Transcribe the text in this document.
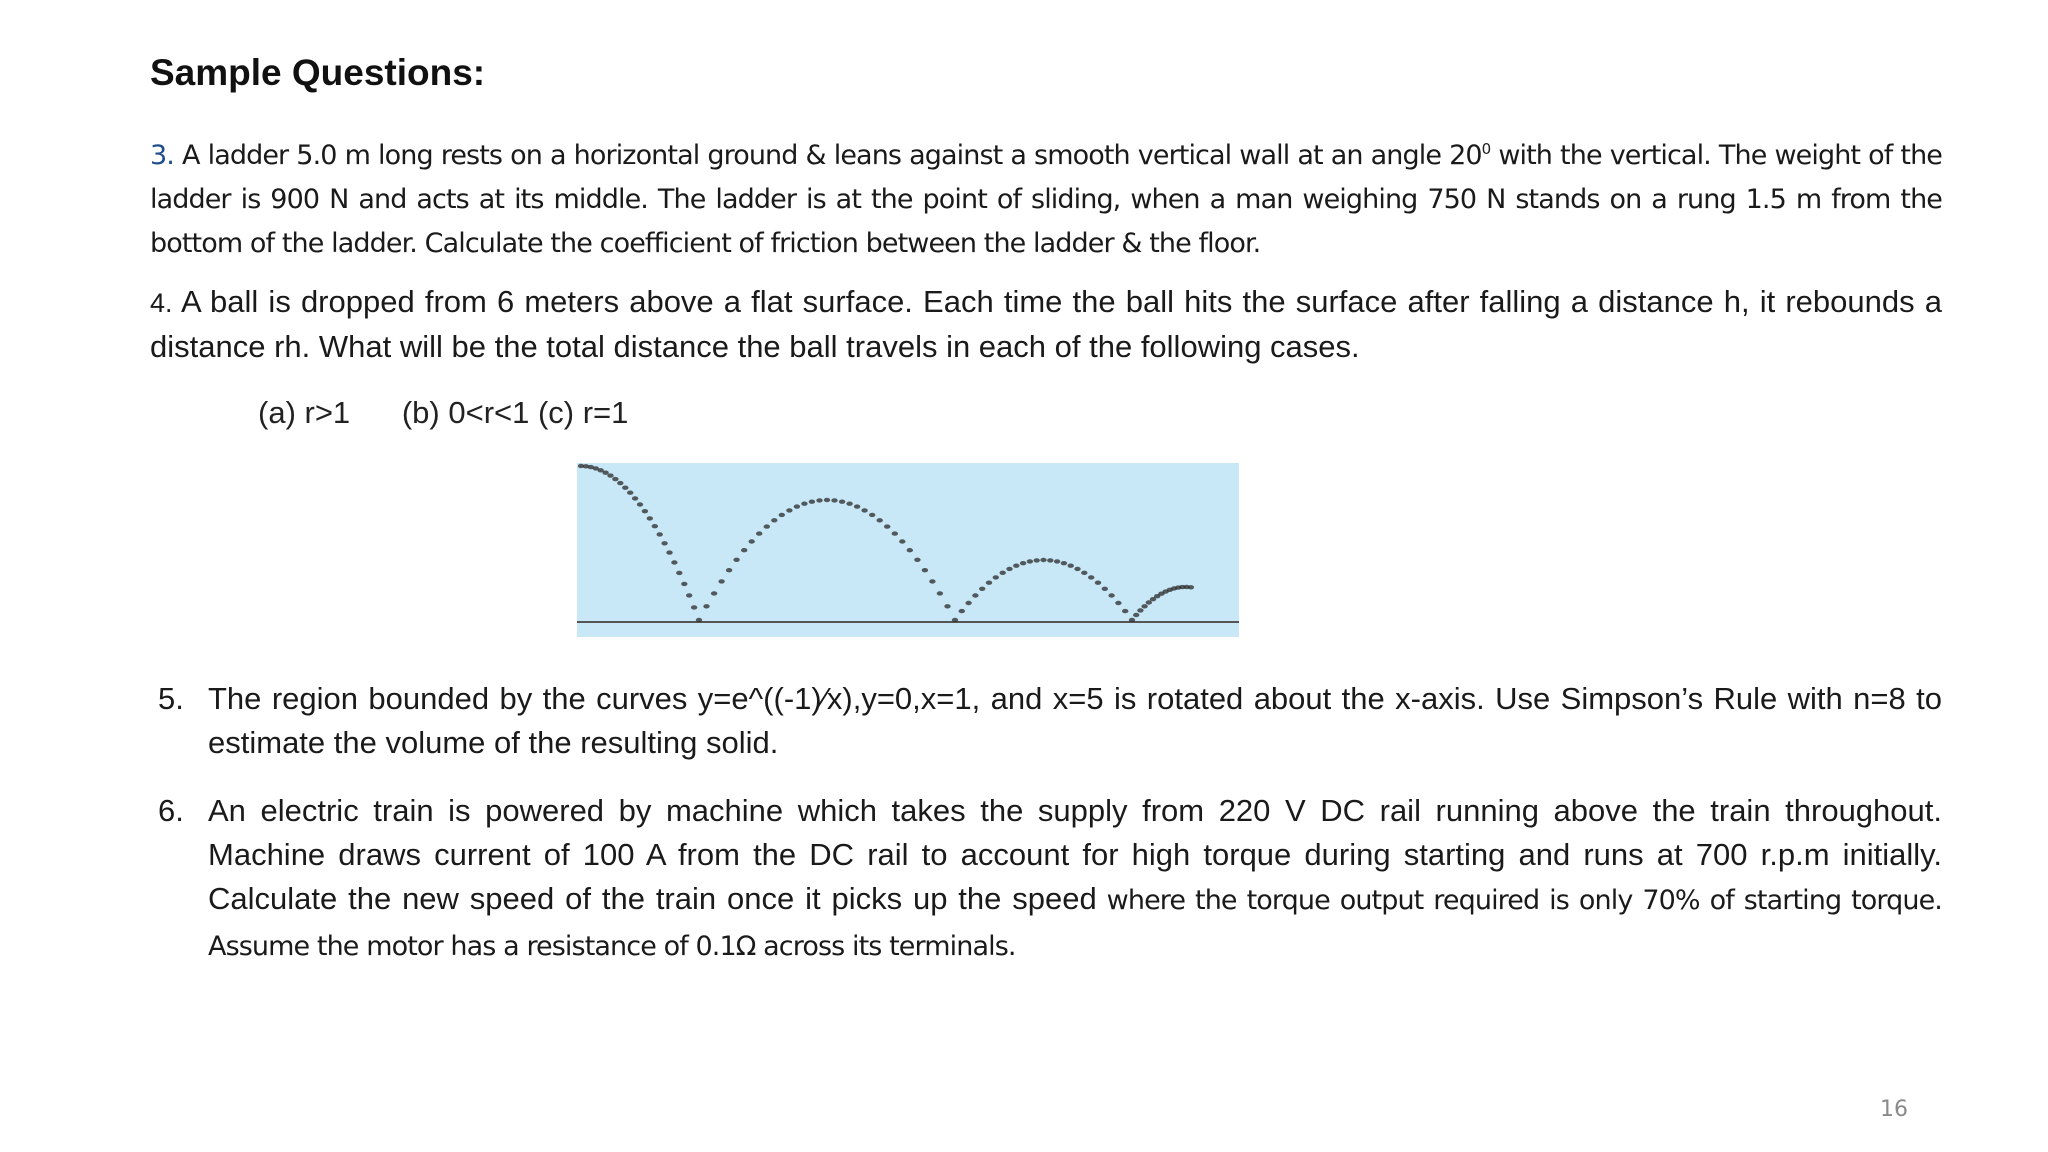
Sample Questions:
3. A ladder 5.0 m long rests on a horizontal ground & leans against a smooth vertical wall at an angle $20^0$ with the vertical. The weight of the ladder is 900 N and acts at its middle. The ladder is at the point of sliding, when a man weighing 750 N stands on a rung 1.5 m from the bottom of the ladder. Calculate the coefficient of friction between the ladder & the floor.
4. A ball is dropped from 6 meters above a flat surface. Each time the ball hits the surface after falling a distance h, it rebounds a distance rh. What will be the total distance the ball travels in each of the following cases.
(a) r>1      (b) 0<r<1 (c) r=1
5. The region bounded by the curves y=e^((-1)⁄x),y=0,x=1, and x=5 is rotated about the x-axis. Use Simpson’s Rule with n=8 to estimate the volume of the resulting solid.
6. An electric train is powered by machine which takes the supply from 220 V DC rail running above the train throughout. Machine draws current of 100 A from the DC rail to account for high torque during starting and runs at 700 r.p.m initially. Calculate the new speed of the train once it picks up the speed where the torque output required is only 70% of starting torque. Assume the motor has a resistance of 0.1Ω across its terminals.
16
